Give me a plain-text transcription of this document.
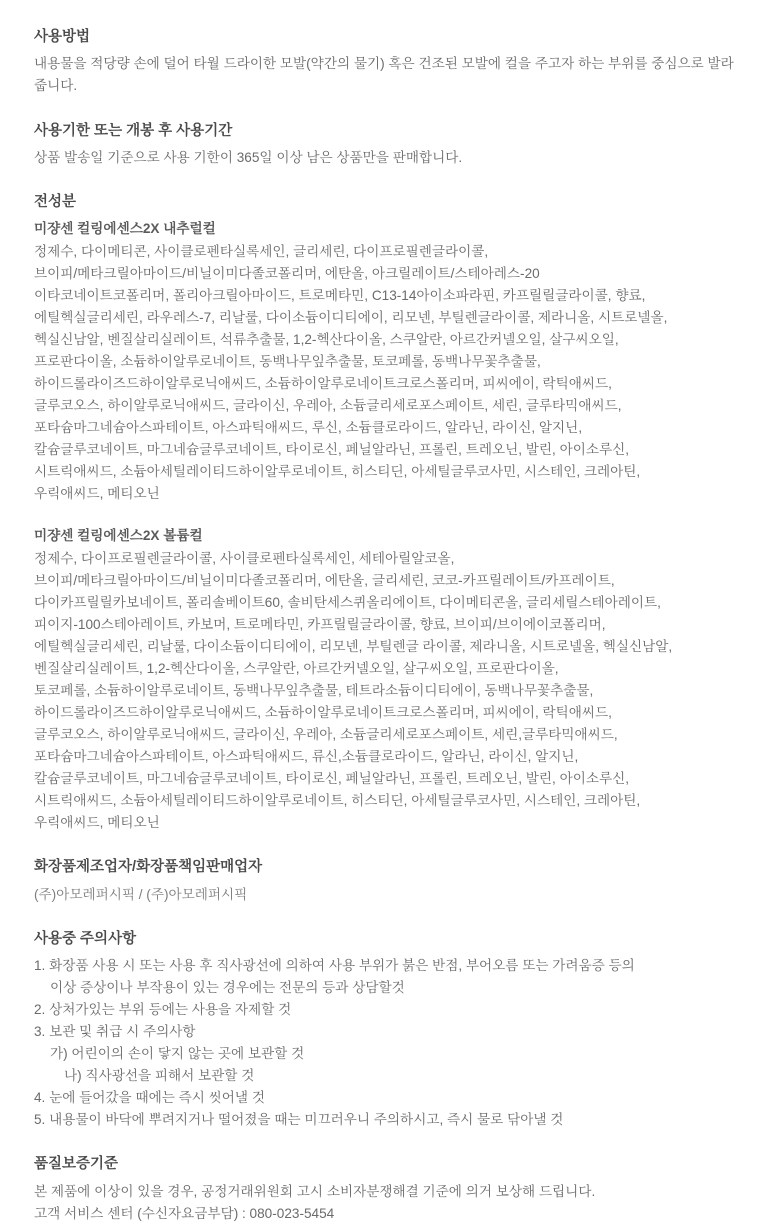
사용방법
내용물을 적당량 손에 덜어 타월 드라이한 모발(약간의 물기) 혹은 건조된 모발에 컬을 주고자 하는 부위를 중심으로 발라줍니다.
사용기한 또는 개봉 후 사용기간
상품 발송일 기준으로 사용 기한이 365일 이상 남은 상품만을 판매합니다.
전성분
미쟝센 컬링에센스2X 내추럴컬
정제수, 다이메티콘, 사이클로펜타실록세인, 글리세린, 다이프로필렌글라이콜,
브이피/메타크릴아마이드/비닐이미다졸코폴리머, 에탄올, 아크릴레이트/스테아레스-20
이타코네이트코폴리머, 폴리아크릴아마이드, 트로메타민, C13-14아이소파라핀, 카프릴릴글라이콜, 향료,
에틸헥실글리세린, 라우레스-7, 리날룰, 다이소듐이디티에이, 리모넨, 부틸렌글라이콜, 제라니올, 시트로넬올,
헥실신남알, 벤질살리실레이트, 석류추출물, 1,2-헥산다이올, 스쿠알란, 아르간커넬오일, 살구씨오일,
프로판다이올, 소듐하이알루로네이트, 동백나무잎추출물, 토코페롤, 동백나무꽃추출물,
하이드롤라이즈드하이알루로닉애씨드, 소듐하이알루로네이트크로스폴리머, 피씨에이, 락틱애씨드,
글루코오스, 하이알루로닉애씨드, 글라이신, 우레아, 소듐글리세로포스페이트, 세린, 글루타믹애씨드,
포타슘마그네슘아스파테이트, 아스파틱애씨드, 루신, 소듐클로라이드, 알라닌, 라이신, 알지닌,
칼슘글루코네이트, 마그네슘글루코네이트, 타이로신, 페닐알라닌, 프롤린, 트레오닌, 발린, 아이소루신,
시트릭애씨드, 소듐아세틸레이티드하이알루로네이트, 히스티딘, 아세틸글루코사민, 시스테인, 크레아틴,
우릭애씨드, 메티오닌
미쟝센 컬링에센스2X 볼륨컬
정제수, 다이프로필렌글라이콜, 사이클로펜타실록세인, 세테아릴알코올,
브이피/메타크릴아마이드/비닐이미다졸코폴리머, 에탄올, 글리세린, 코코-카프릴레이트/카프레이트,
다이카프릴릴카보네이트, 폴리솔베이트60, 솔비탄세스퀴올리에이트, 다이메티콘올, 글리세릴스테아레이트,
피이지-100스테아레이트, 카보머, 트로메타민, 카프릴릴글라이콜, 향료, 브이피/브이에이코폴리머,
에틸헥실글리세린, 리날룰, 다이소듐이디티에이, 리모넨, 부틸렌글 라이콜, 제라니올, 시트로넬올, 헥실신남알,
벤질살리실레이트, 1,2-헥산다이올, 스쿠알란, 아르간커넬오일, 살구씨오일, 프로판다이올,
토코페롤, 소듐하이알루로네이트, 동백나무잎추출물, 테트라소듐이디티에이, 동백나무꽃추출물,
하이드롤라이즈드하이알루로닉애씨드, 소듐하이알루로네이트크로스폴리머, 피씨에이, 락틱애씨드,
글루코오스, 하이알루로닉애씨드, 글라이신, 우레아, 소듐글리세로포스페이트, 세린,글루타믹애씨드,
포타슘마그네슘아스파테이트, 아스파틱애씨드, 류신,소듐클로라이드, 알라닌, 라이신, 알지닌,
칼슘글루코네이트, 마그네슘글루코네이트, 타이로신, 페닐알라닌, 프롤린, 트레오닌, 발린, 아이소루신,
시트릭애씨드, 소듐아세틸레이티드하이알루로네이트, 히스티딘, 아세틸글루코사민, 시스테인, 크레아틴,
우릭애씨드, 메티오닌
화장품제조업자/화장품책임판매업자
(주)아모레퍼시픽 / (주)아모레퍼시픽
사용중 주의사항
1. 화장품 사용 시 또는 사용 후 직사광선에 의하여 사용 부위가 붉은 반점, 부어오름 또는 가려움증 등의
이상 증상이나 부작용이 있는 경우에는 전문의 등과 상담할것
2. 상처가있는 부위 등에는 사용을 자제할 것
3. 보관 및 취급 시 주의사항
가) 어린이의 손이 닿지 않는 곳에 보관할 것
나) 직사광선을 피해서 보관할 것
4. 눈에 들어갔을 때에는 즉시 씻어낼 것
5. 내용물이 바닥에 뿌려지거나 떨어졌을 때는 미끄러우니 주의하시고, 즉시 물로 닦아낼 것
품질보증기준
본 제품에 이상이 있을 경우, 공정거래위원회 고시 소비자분쟁해결 기준에 의거 보상해 드립니다.
고객 서비스 센터 (수신자요금부담) : 080-023-5454
